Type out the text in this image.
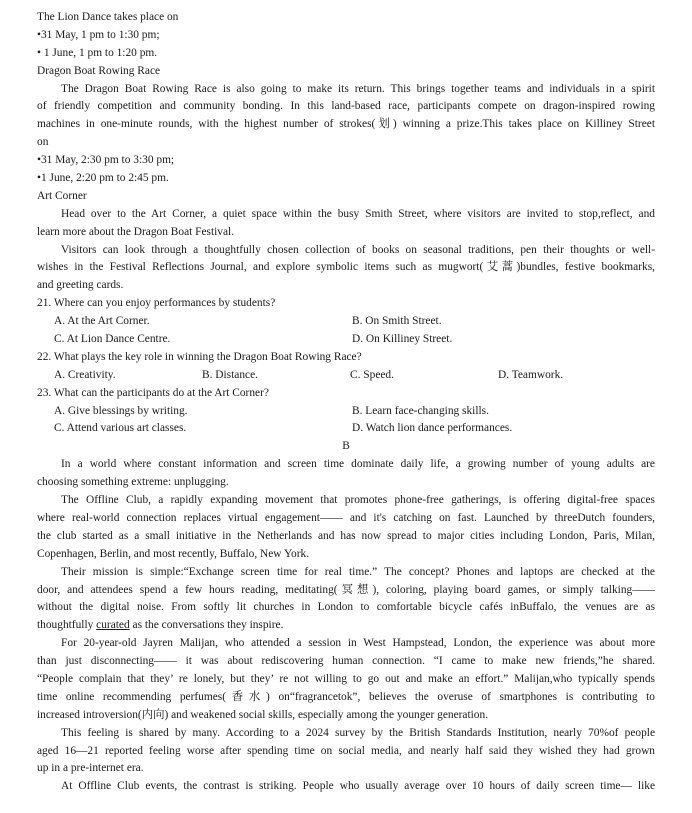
The Lion Dance takes place on
•31 May, 1 pm to 1:30 pm;
• 1 June, 1 pm to 1:20 pm.
Dragon Boat Rowing Race
The Dragon Boat Rowing Race is also going to make its return. This brings together teams and individuals in a spirit
of friendly competition and community bonding. In this land-based race, participants compete on dragon-inspired rowing
machines in one-minute rounds, with the highest number of strokes(划) winning a prize.This takes place on Killiney Street
on
•31 May, 2:30 pm to 3:30 pm;
•1 June, 2:20 pm to 2:45 pm.
Art Corner
Head over to the Art Corner, a quiet space within the busy Smith Street, where visitors are invited to stop,reflect, and
learn more about the Dragon Boat Festival.
Visitors can look through a thoughtfully chosen collection of books on seasonal traditions, pen their thoughts or well-
wishes in the Festival Reflections Journal, and explore symbolic items such as mugwort(艾蒿)bundles, festive bookmarks,
and greeting cards.
21. Where can you enjoy performances by students?
A. At the Art Corner.	B. On Smith Street.
C. At Lion Dance Centre.	D. On Killiney Street.
22. What plays the key role in winning the Dragon Boat Rowing Race?
A. Creativity.	B. Distance.	C. Speed.	D. Teamwork.
23. What can the participants do at the Art Corner?
A. Give blessings by writing.	B. Learn face-changing skills.
C. Attend various art classes.	D. Watch lion dance performances.
B
In a world where constant information and screen time dominate daily life, a growing number of young adults are
choosing something extreme: unplugging.
The Offline Club, a rapidly expanding movement that promotes phone-free gatherings, is offering digital-free spaces
where real-world connection replaces virtual engagement—— and it's catching on fast. Launched by threeDutch founders,
the club started as a small initiative in the Netherlands and has now spread to major cities including London, Paris, Milan,
Copenhagen, Berlin, and most recently, Buffalo, New York.
Their mission is simple:“Exchange screen time for real time.” The concept? Phones and laptops are checked at the
door, and attendees spend a few hours reading, meditating(冥想), coloring, playing board games, or simply talking——
without the digital noise. From softly lit churches in London to comfortable bicycle cafés inBuffalo, the venues are as
thoughtfully curated as the conversations they inspire.
For 20-year-old Jayren Malijan, who attended a session in West Hampstead, London, the experience was about more
than just disconnecting—— it was about rediscovering human connection. “I came to make new friends,”he shared.
“People complain that they’ re lonely, but they’ re not willing to go out and make an effort.” Malijan,who typically spends
time online recommending perfumes(香水) on“fragrancetok”, believes the overuse of smartphones is contributing to
increased introversion(内向) and weakened social skills, especially among the younger generation.
This feeling is shared by many. According to a 2024 survey by the British Standards Institution, nearly 70%of people
aged 16—21 reported feeling worse after spending time on social media, and nearly half said they wished they had grown
up in a pre-internet era.
At Offline Club events, the contrast is striking. People who usually average over 10 hours of daily screen time— like
